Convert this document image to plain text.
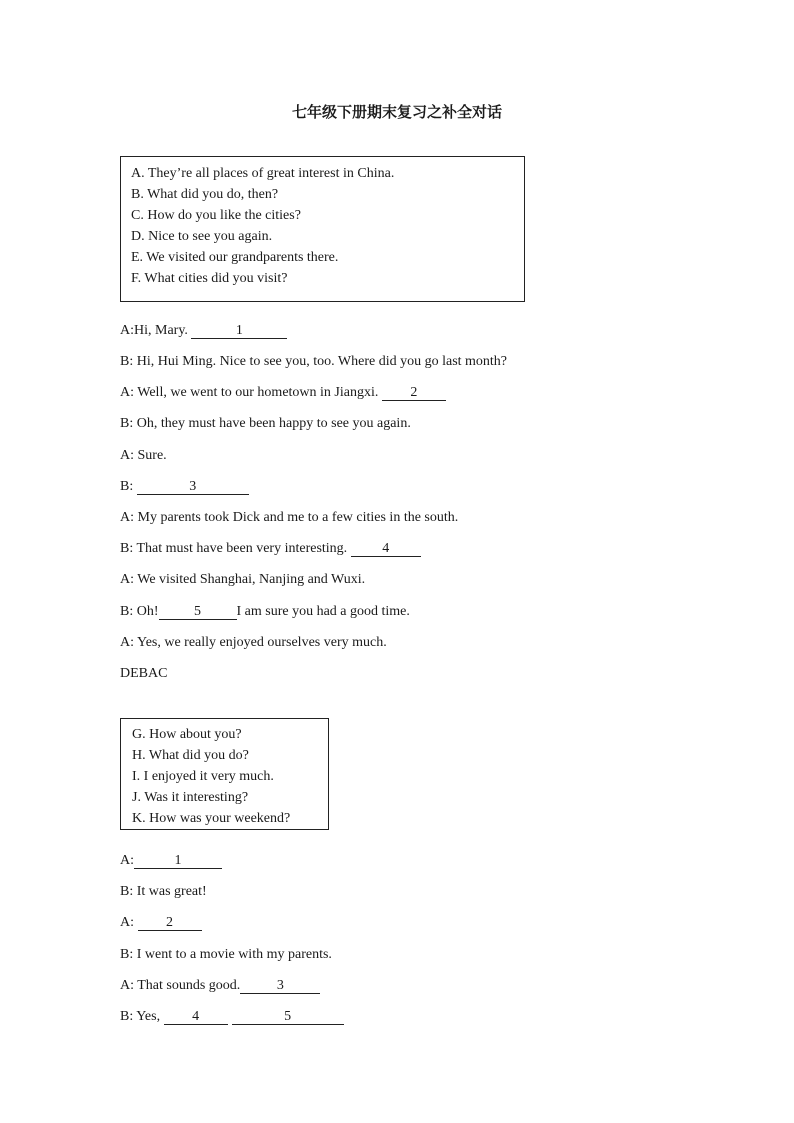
七年级下册期末复习之补全对话
A. They’re all places of great interest in China.
B. What did you do, then?
C. How do you like the cities?
D. Nice to see you again.
E. We visited our grandparents there.
F. What cities did you visit?
A:Hi, Mary.	1
B: Hi, Hui Ming. Nice to see you, too. Where did you go last month?
A: Well, we went to our hometown in Jiangxi. 2
B: Oh, they must have been happy to see you again.
A: Sure.
B:	3
A: My parents took Dick and me to a few cities in the south.
B: That must have been very interesting. 4
A: We visited Shanghai, Nanjing and Wuxi.
B: Oh!	5	I am sure you had a good time.
A: Yes, we really enjoyed ourselves very much.
DEBAC
G. How about you?
H. What did you do?
I. I enjoyed it very much.
J. Was it interesting?
K. How was your weekend?
A:	1
B: It was great!
A: 2
B: I went to a movie with my parents.
A: That sounds good.	3
B: Yes, 4	5
